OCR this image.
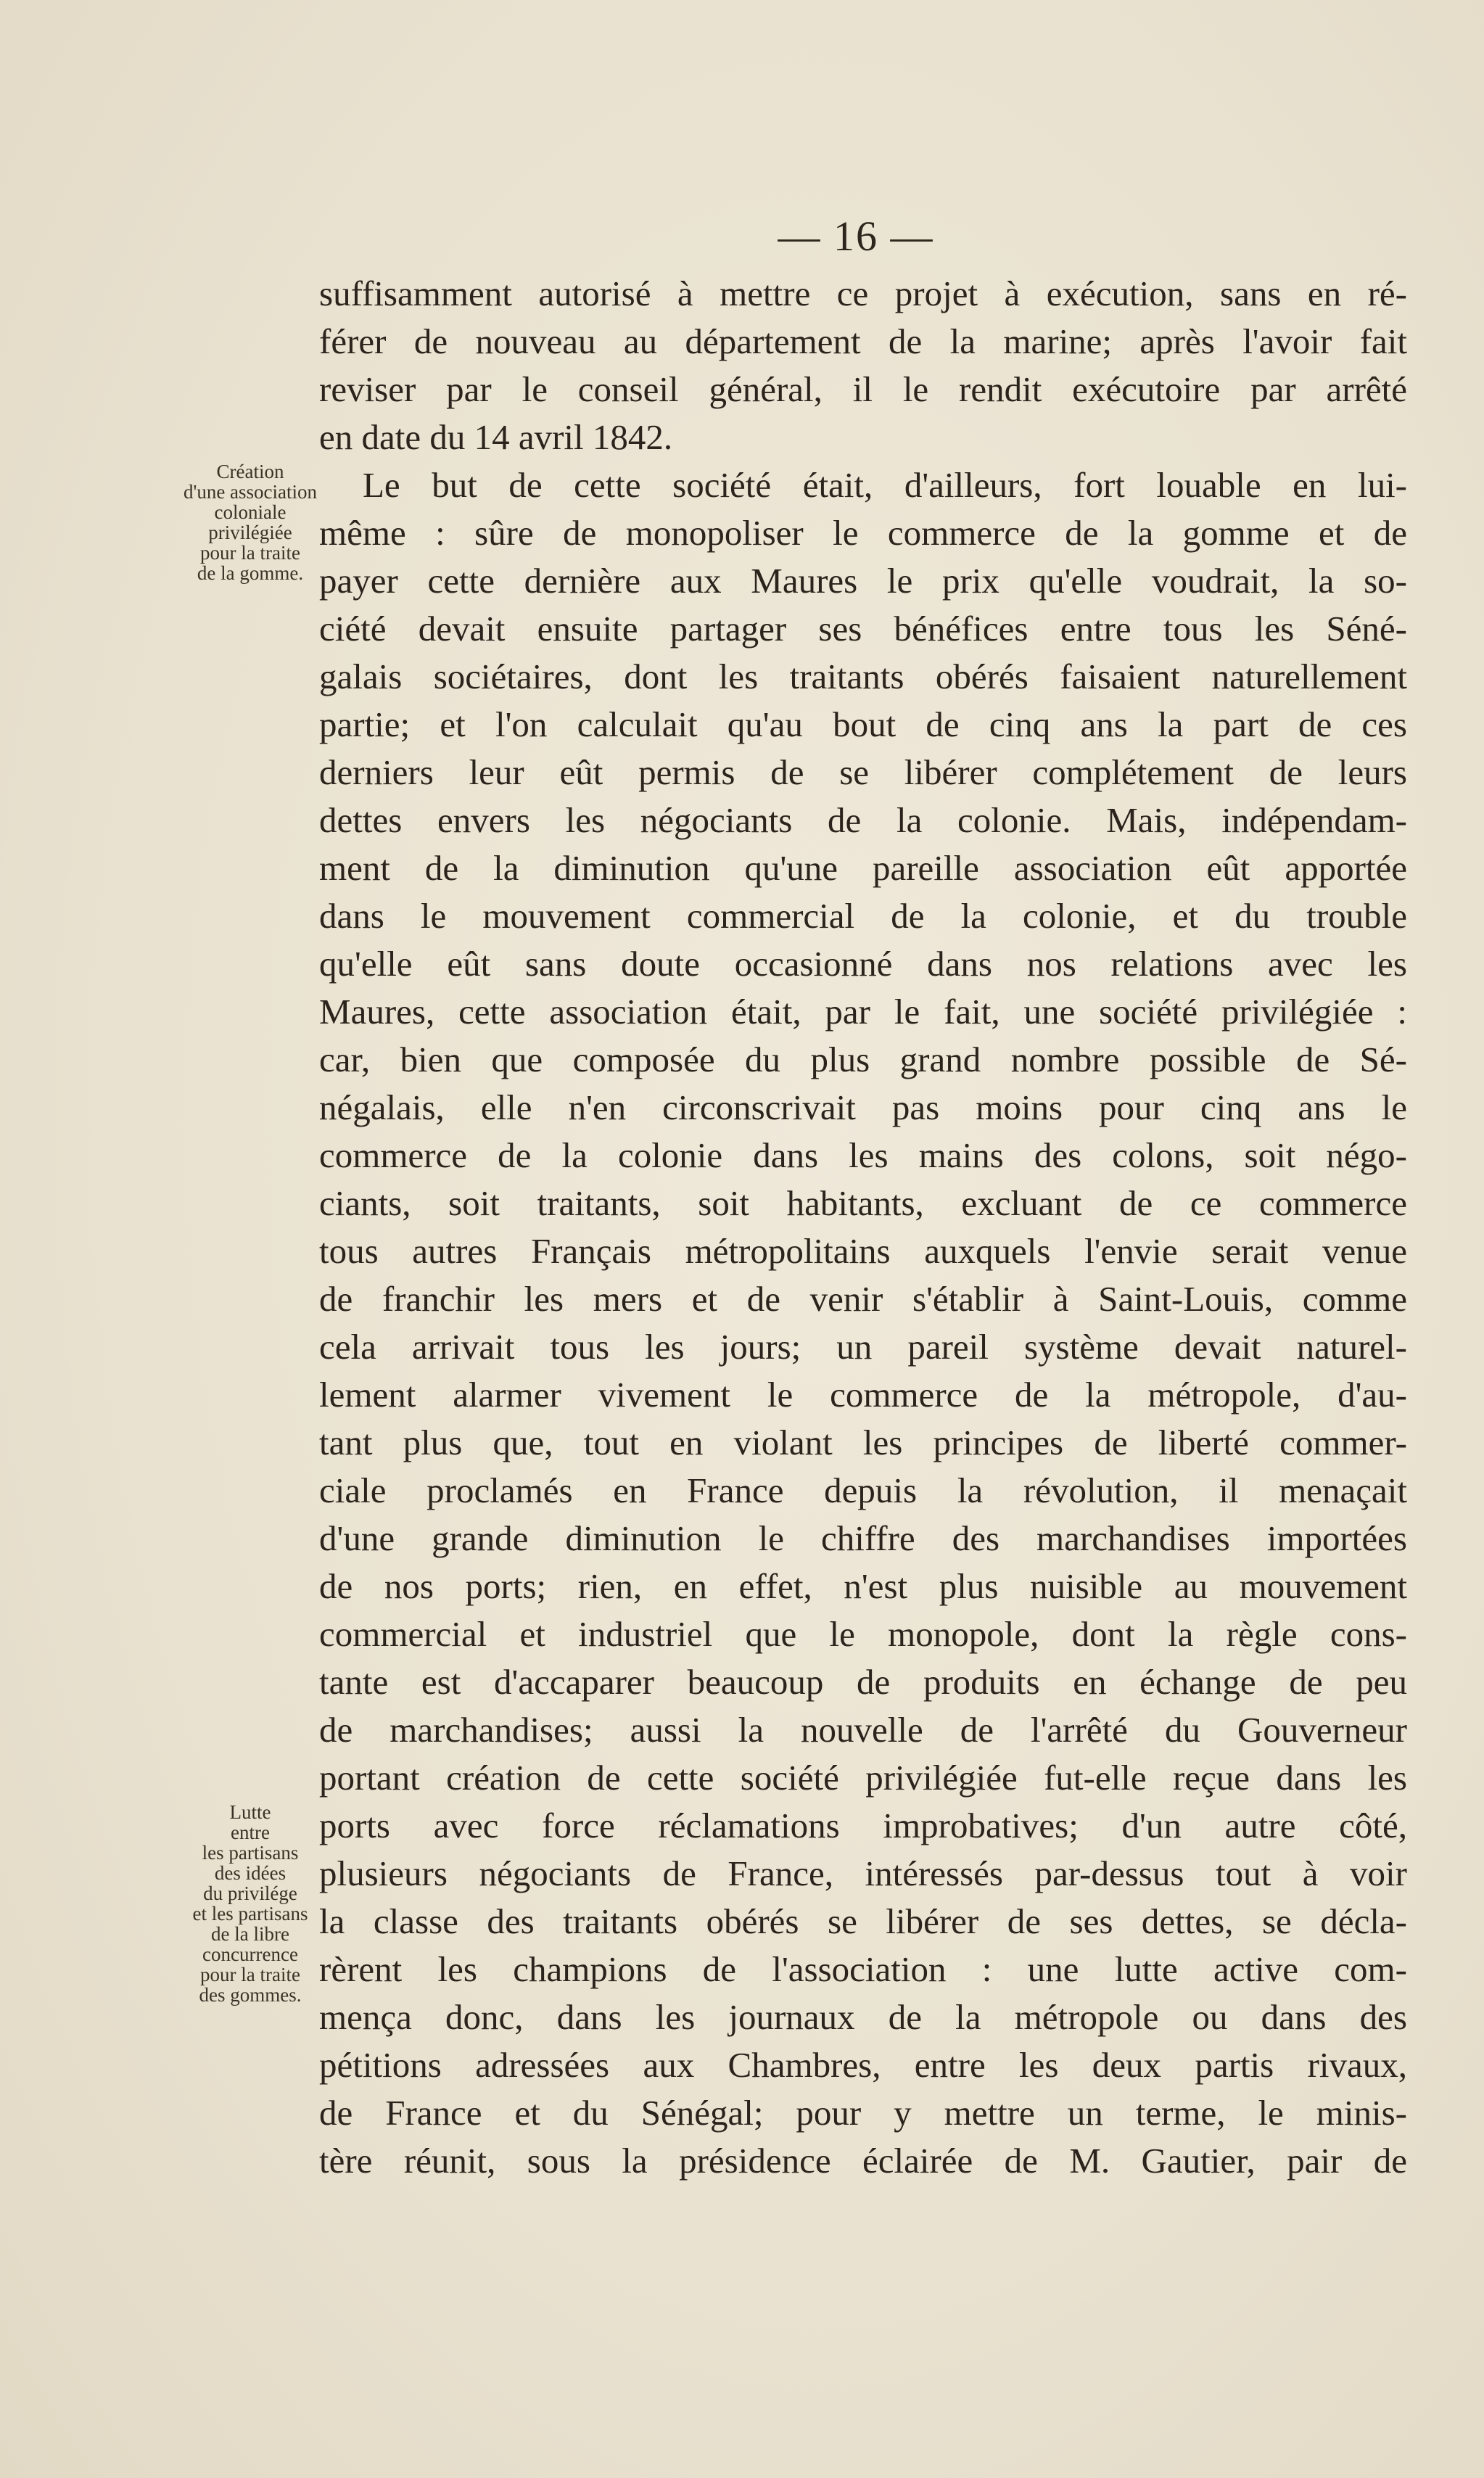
— 16 —
Création
d'une association
coloniale
privilégiée
pour la traite
de la gomme.
Lutte
entre
les partisans
des idées
du privilége
et les partisans
de la libre
concurrence
pour la traite
des gommes.
suffisamment autorisé à mettre ce projet à exécution, sans en ré-
férer de nouveau au département de la marine; après l'avoir fait
reviser par le conseil général, il le rendit exécutoire par arrêté
en date du 14 avril 1842.
Le but de cette société était, d'ailleurs, fort louable en lui-
même : sûre de monopoliser le commerce de la gomme et de
payer cette dernière aux Maures le prix qu'elle voudrait, la so-
ciété devait ensuite partager ses bénéfices entre tous les Séné-
galais sociétaires, dont les traitants obérés faisaient naturellement
partie; et l'on calculait qu'au bout de cinq ans la part de ces
derniers leur eût permis de se libérer complétement de leurs
dettes envers les négociants de la colonie. Mais, indépendam-
ment de la diminution qu'une pareille association eût apportée
dans le mouvement commercial de la colonie, et du trouble
qu'elle eût sans doute occasionné dans nos relations avec les
Maures, cette association était, par le fait, une société privilégiée :
car, bien que composée du plus grand nombre possible de Sé-
négalais, elle n'en circonscrivait pas moins pour cinq ans le
commerce de la colonie dans les mains des colons, soit négo-
ciants, soit traitants, soit habitants, excluant de ce commerce
tous autres Français métropolitains auxquels l'envie serait venue
de franchir les mers et de venir s'établir à Saint-Louis, comme
cela arrivait tous les jours; un pareil système devait naturel-
lement alarmer vivement le commerce de la métropole, d'au-
tant plus que, tout en violant les principes de liberté commer-
ciale proclamés en France depuis la révolution, il menaçait
d'une grande diminution le chiffre des marchandises importées
de nos ports; rien, en effet, n'est plus nuisible au mouvement
commercial et industriel que le monopole, dont la règle cons-
tante est d'accaparer beaucoup de produits en échange de peu
de marchandises; aussi la nouvelle de l'arrêté du Gouverneur
portant création de cette société privilégiée fut-elle reçue dans les
ports avec force réclamations improbatives; d'un autre côté,
plusieurs négociants de France, intéressés par-dessus tout à voir
la classe des traitants obérés se libérer de ses dettes, se décla-
rèrent les champions de l'association : une lutte active com-
mença donc, dans les journaux de la métropole ou dans des
pétitions adressées aux Chambres, entre les deux partis rivaux,
de France et du Sénégal; pour y mettre un terme, le minis-
tère réunit, sous la présidence éclairée de M. Gautier, pair de
